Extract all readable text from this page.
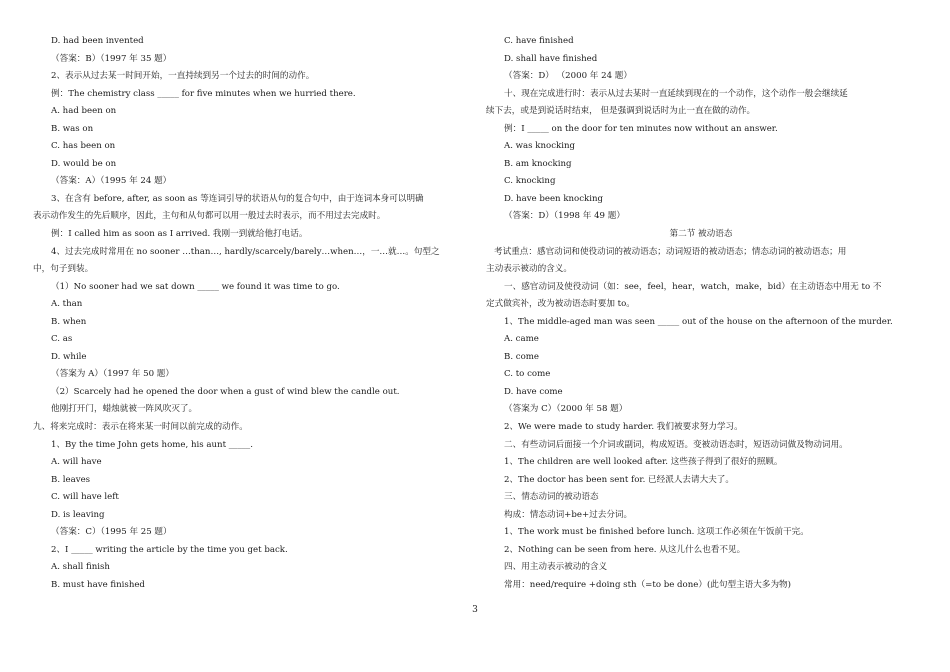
D. had been invented
（答案：B）（1997 年 35 题）
2、表示从过去某一时间开始，一直持续到另一个过去的时间的动作。
例：The chemistry class _____ for five minutes when we hurried there.
A. had been on
B. was on
C. has been on
D. would be on
（答案：A）（1995 年 24 题）
3、在含有 before, after, as soon as 等连词引导的状语从句的复合句中，由于连词本身可以明确
表示动作发生的先后顺序，因此，主句和从句都可以用一般过去时表示，而不用过去完成时。
例：I called him as soon as I arrived. 我刚一到就给他打电话。
4、过去完成时常用在 no sooner …than…, hardly/scarcely/barely…when…，一…就…。句型之
中，句子到装。
（1）No sooner had we sat down _____ we found it was time to go.
A. than
B. when
C. as
D. while
（答案为 A）（1997 年 50 题）
（2）Scarcely had he opened the door when a gust of wind blew the candle out.
他刚打开门，蜡烛就被一阵风吹灭了。
九、将来完成时：表示在将来某一时间以前完成的动作。
1、By the time John gets home, his aunt _____.
A. will have
B. leaves
C. will have left
D. is leaving
（答案：C）（1995 年 25 题）
2、I _____ writing the article by the time you get back.
A. shall finish
B. must have finished
C. have finished
D. shall have finished
（答案：D） （2000 年 24 题）
十、现在完成进行时：表示从过去某时一直延续到现在的一个动作，这个动作一般会继续延
续下去，或是到说话时结束， 但是强调到说话时为止一直在做的动作。
例：I _____ on the door for ten minutes now without an answer.
A. was knocking
B. am knocking
C. knocking
D. have been knocking
（答案：D）（1998 年 49 题）
第二节 被动语态
考试重点：感官动词和使役动词的被动语态；动词短语的被动语态；情态动词的被动语态；用
主动表示被动的含义。
一、感官动词及使役动词（如：see，feel，hear，watch，make，bid）在主动语态中用无 to 不
定式做宾补，改为被动语态时要加 to。
1、The middle-aged man was seen _____ out of the house on the afternoon of the murder.
A. came
B. come
C. to come
D. have come
（答案为 C）（2000 年 58 题）
2、We were made to study harder. 我们被要求努力学习。
二、有些动词后面接一个介词或副词，构成短语。变被动语态时，短语动词做及物动词用。
1、The children are well looked after. 这些孩子得到了很好的照顾。
2、The doctor has been sent for. 已经派人去请大夫了。
三、情态动词的被动语态
构成：情态动词+be+过去分词。
1、The work must be finished before lunch. 这项工作必须在午饭前干完。
2、Nothing can be seen from here. 从这儿什么也看不见。
四、用主动表示被动的含义
常用：need/require +doing sth（=to be done）(此句型主语大多为物)
3
